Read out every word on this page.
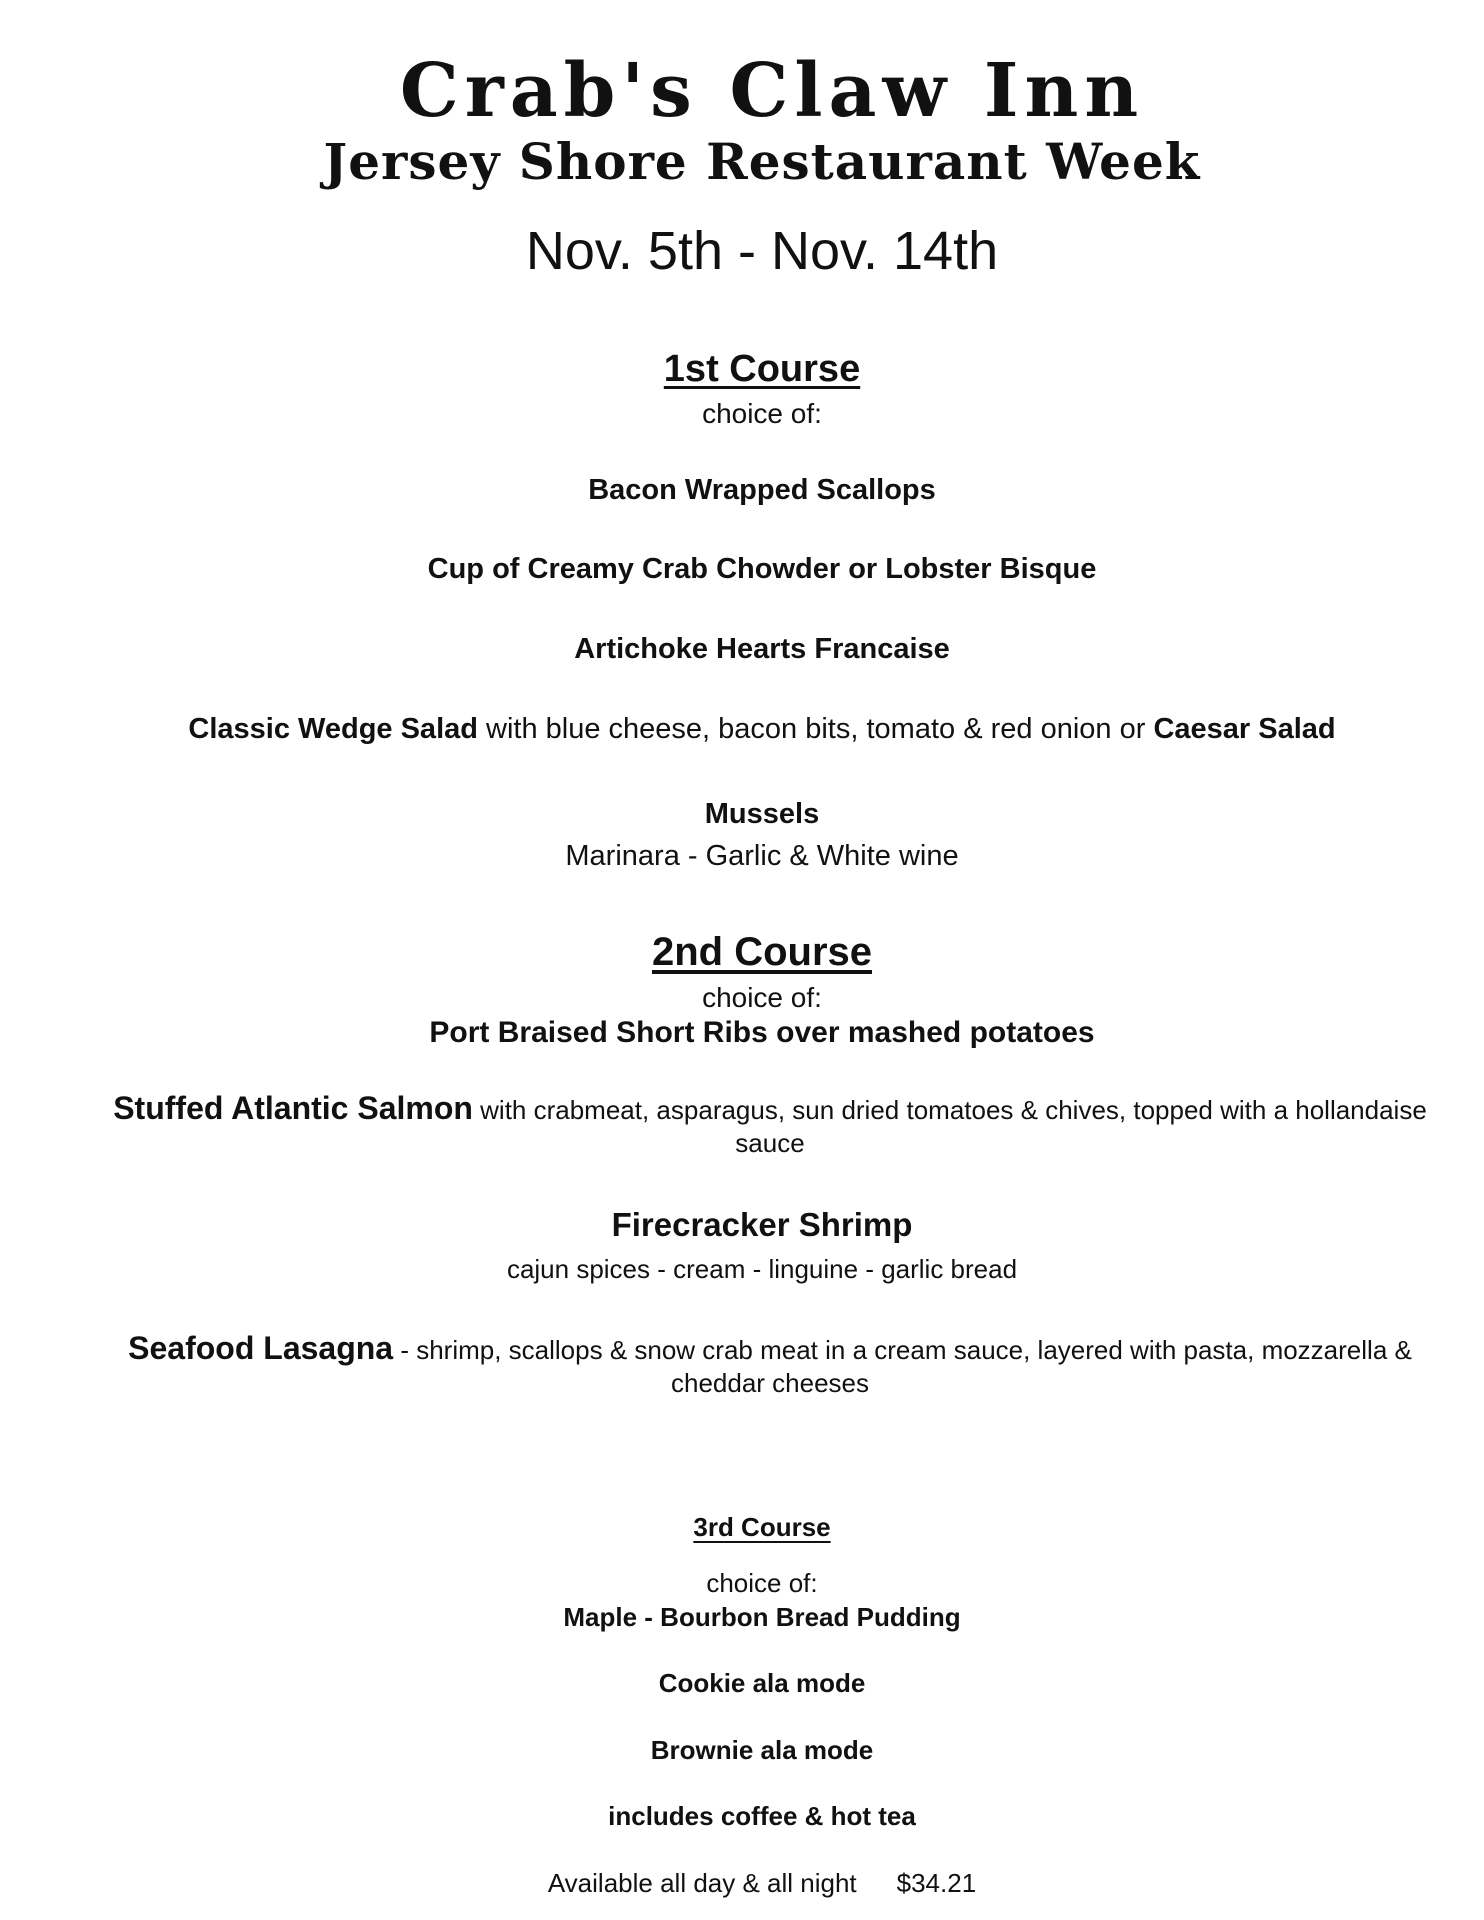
Crab's Claw Inn
Jersey Shore Restaurant Week
Nov. 5th - Nov. 14th
1st Course
choice of:
Bacon Wrapped Scallops
Cup of Creamy Crab Chowder or Lobster Bisque
Artichoke Hearts Francaise
Classic Wedge Salad with blue cheese, bacon bits, tomato & red onion or Caesar Salad
Mussels
Marinara - Garlic & White wine
2nd Course
choice of:
Port Braised Short Ribs over mashed potatoes
Stuffed Atlantic Salmon with crabmeat, asparagus, sun dried tomatoes & chives, topped with a hollandaise sauce
Firecracker Shrimp
cajun spices - cream - linguine - garlic bread
Seafood Lasagna - shrimp, scallops & snow crab meat in a cream sauce, layered with pasta, mozzarella & cheddar cheeses
3rd Course
choice of:
Maple - Bourbon Bread Pudding
Cookie ala mode
Brownie ala mode
includes coffee & hot tea
Available all day & all night $34.21
